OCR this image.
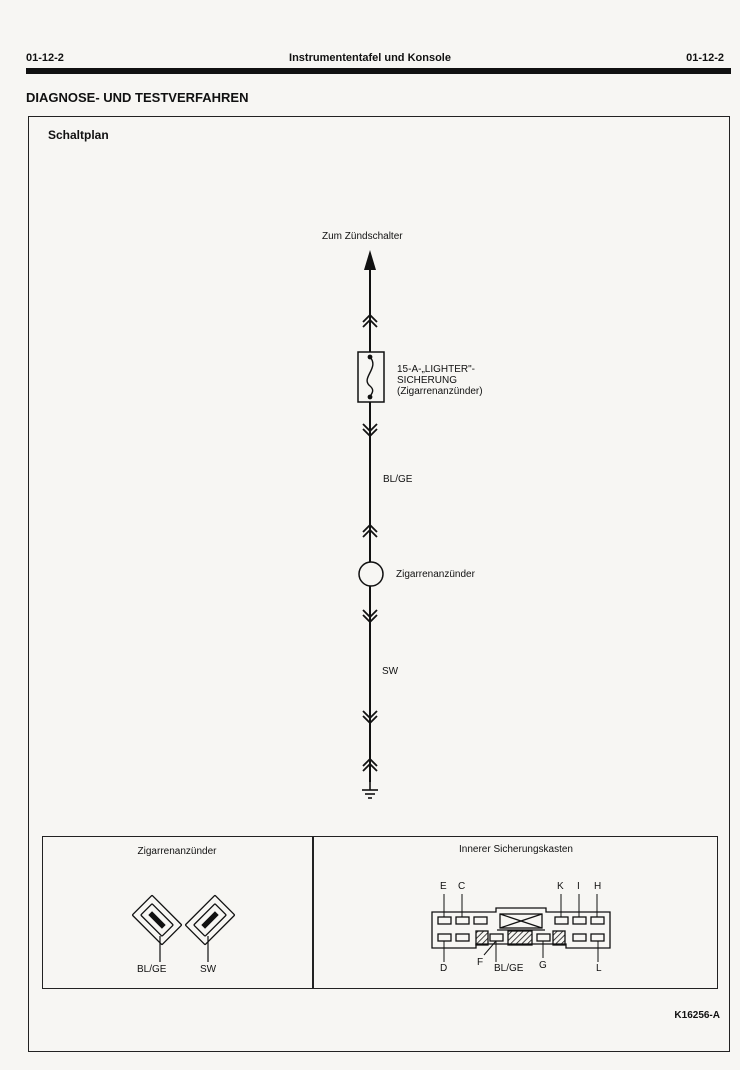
01-12-2	Instrumententafel und Konsole	01-12-2
DIAGNOSE- UND TESTVERFAHREN
Schaltplan
Zum Zündschalter
15-A-„LIGHTER"-
SICHERUNG
(Zigarrenanzünder)
BL/GE
Zigarrenanzünder
SW
Zigarrenanzünder
BL/GE	SW
Innerer Sicherungskasten
E C	K I H
D
F
BL/GE G	L
K16256-A
